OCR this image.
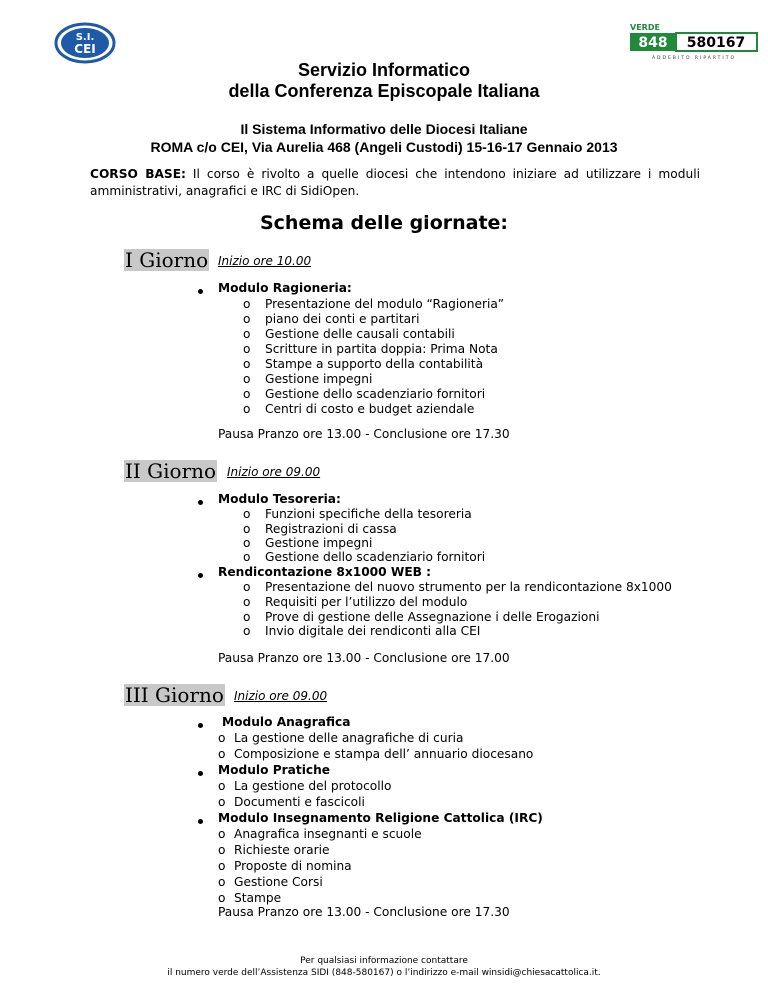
S.I.
CEI
VERDE
848 580167
ADDEBITO RIPARTITO
Servizio Informatico
della Conferenza Episcopale Italiana
Il Sistema Informativo delle Diocesi Italiane
ROMA c/o CEI, Via Aurelia 468 (Angeli Custodi) 15-16-17 Gennaio 2013
CORSO BASE: Il corso è rivolto a quelle diocesi che intendono iniziare ad utilizzare i moduli amministrativi, anagrafici e IRC di SidiOpen.
Schema delle giornate:
I Giorno Inizio ore 10.00
Modulo Ragioneria:
o Presentazione del modulo “Ragioneria”
o piano dei conti e partitari
o Gestione delle causali contabili
o Scritture in partita doppia: Prima Nota
o Stampe a supporto della contabilità
o Gestione impegni
o Gestione dello scadenziario fornitori
o Centri di costo e budget aziendale
Pausa Pranzo ore 13.00 - Conclusione ore 17.30
II Giorno Inizio ore 09.00
Modulo Tesoreria:
o Funzioni specifiche della tesoreria
o Registrazioni di cassa
o Gestione impegni
o Gestione dello scadenziario fornitori
Rendicontazione 8x1000 WEB :
o Presentazione del nuovo strumento per la rendicontazione 8x1000
o Requisiti per l’utilizzo del modulo
o Prove di gestione delle Assegnazione i delle Erogazioni
o Invio digitale dei rendiconti alla CEI
Pausa Pranzo ore 13.00 - Conclusione ore 17.00
III Giorno Inizio ore 09.00
Modulo Anagrafica
o La gestione delle anagrafiche di curia
o Composizione e stampa dell’ annuario diocesano
Modulo Pratiche
o La gestione del protocollo
o Documenti e fascicoli
Modulo Insegnamento Religione Cattolica (IRC)
o Anagrafica insegnanti e scuole
o Richieste orarie
o Proposte di nomina
o Gestione Corsi
o Stampe
Pausa Pranzo ore 13.00 - Conclusione ore 17.30
Per qualsiasi informazione contattare
il numero verde dell’Assistenza SIDI (848-580167) o l’indirizzo e-mail winsidi@chiesacattolica.it.
